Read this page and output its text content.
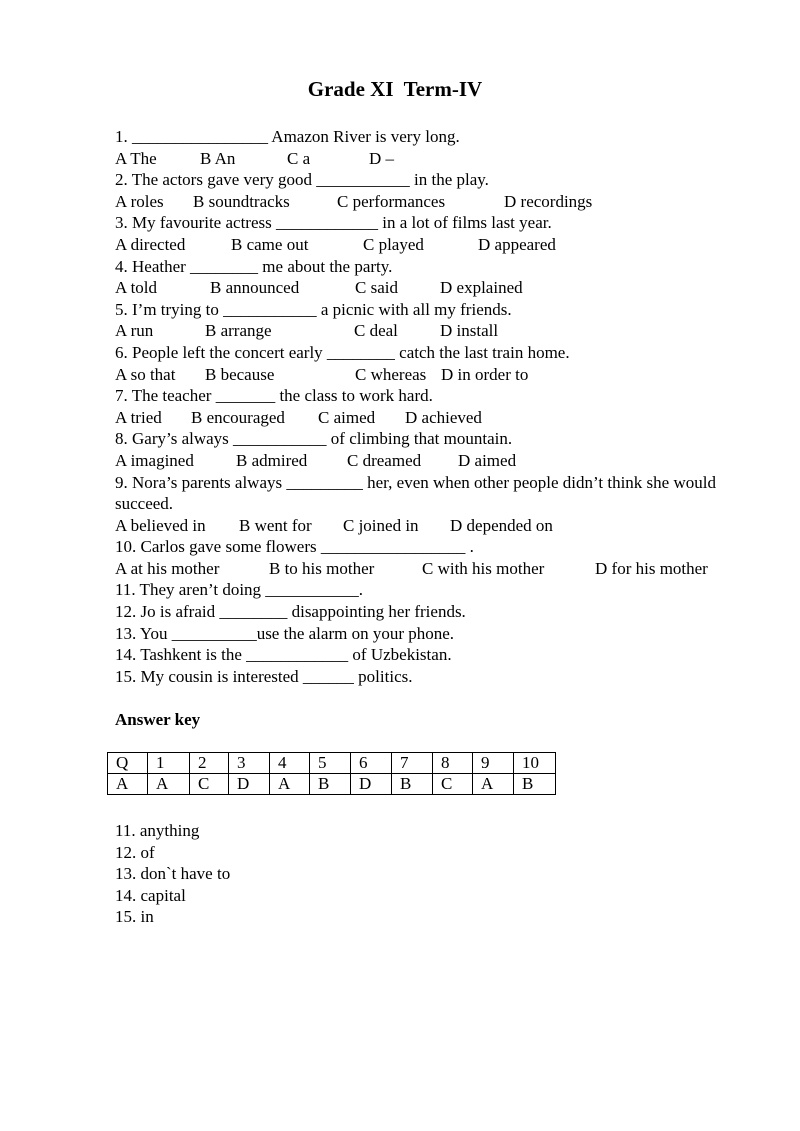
Grade XI  Term-IV
1. ________________ Amazon River is very long.
A The	B An	C a	D –
2. The actors gave very good ___________ in the play.
A roles B soundtracks	C performances	D recordings
3. My favourite actress ____________ in a lot of films last year.
A directed	B came out	C played	D appeared
4. Heather ________ me about the party.
A told	B announced	C said D explained
5. I’m trying to ___________ a picnic with all my friends.
A run	B arrange	C deal D install
6. People left the concert early ________ catch the last train home.
A so that B because	C whereas D in order to
7. The teacher _______ the class to work hard.
A tried B encouraged C aimed D achieved
8. Gary’s always ___________ of climbing that mountain.
A imagined B admired C dreamed D aimed
9. Nora’s parents always _________ her, even when other people didn’t think she would succeed.
A believed in B went for C joined in D depended on
10. Carlos gave some flowers _________________ .
A at his mother	B to his mother	C with his mother	D for his mother
11. They aren’t doing ___________.
12. Jo is afraid ________ disappointing her friends.
13. You __________use the alarm on your phone.
14. Tashkent is the ____________ of Uzbekistan.
15. My cousin is interested ______ politics.
Answer key
Q	1	2	3	4	5	6	7	8	9	10
A	A	C	D	A	B	D	B	C	A	B
11. anything
12. of
13. don`t have to
14. capital
15. in
